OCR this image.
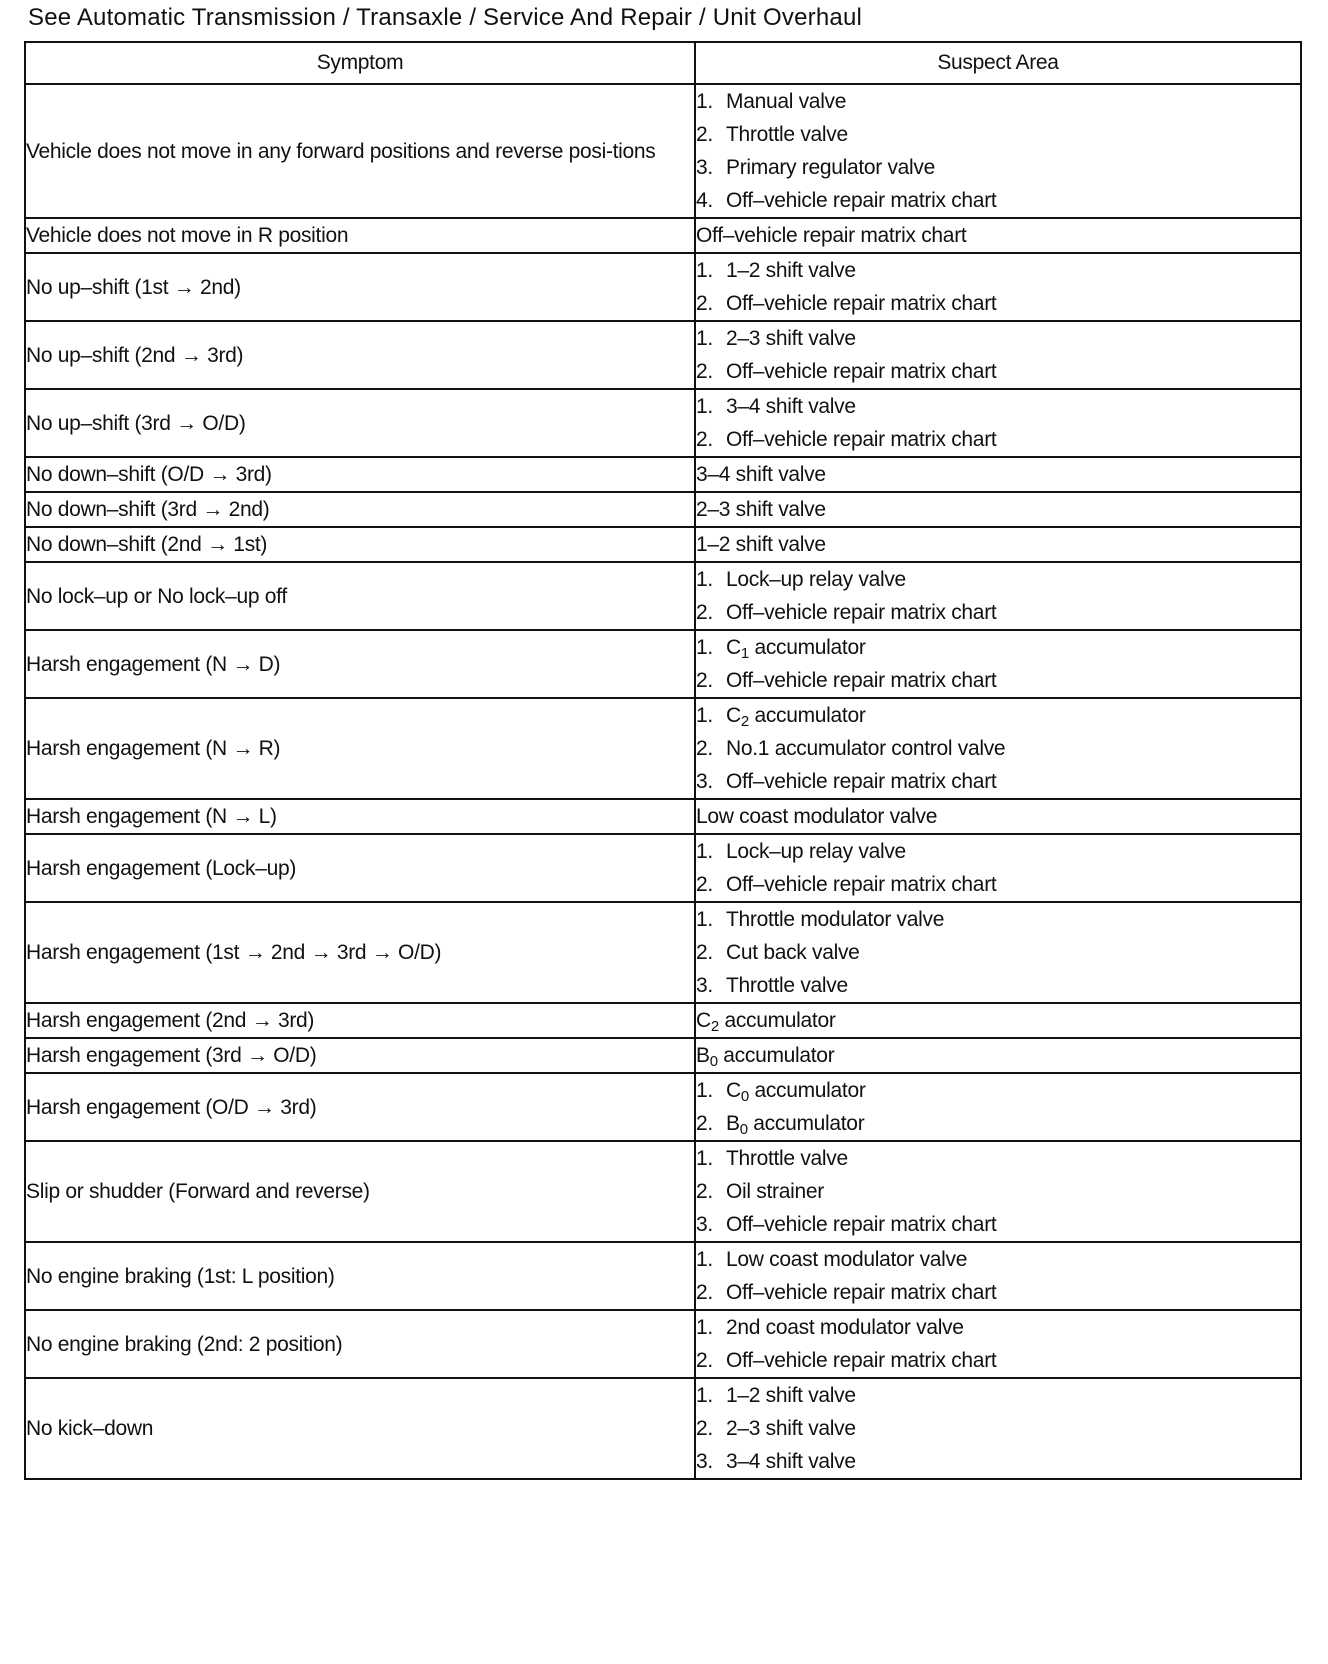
See Automatic Transmission / Transaxle / Service And Repair / Unit Overhaul
Symptom	Suspect Area
Vehicle does not move in any forward positions and reverse posi-tions	1. Manual valve
2. Throttle valve
3. Primary regulator valve
4. Off–vehicle repair matrix chart

Vehicle does not move in R position	Off–vehicle repair matrix chart

No up–shift (1st → 2nd)	1. 1–2 shift valve
2. Off–vehicle repair matrix chart

No up–shift (2nd → 3rd)	1. 2–3 shift valve
2. Off–vehicle repair matrix chart

No up–shift (3rd → O/D)	1. 3–4 shift valve
2. Off–vehicle repair matrix chart

No down–shift (O/D → 3rd)	3–4 shift valve

No down–shift (3rd → 2nd)	2–3 shift valve

No down–shift (2nd → 1st)	1–2 shift valve

No lock–up or No lock–up off	1. Lock–up relay valve
2. Off–vehicle repair matrix chart

Harsh engagement (N → D)	1. $C_1$ accumulator
2. Off–vehicle repair matrix chart

Harsh engagement (N → R)	1. $C_2$ accumulator
2. No.1 accumulator control valve
3. Off–vehicle repair matrix chart

Harsh engagement (N → L)	Low coast modulator valve

Harsh engagement (Lock–up)	1. Lock–up relay valve
2. Off–vehicle repair matrix chart

Harsh engagement (1st → 2nd → 3rd → O/D)	1. Throttle modulator valve
2. Cut back valve
3. Throttle valve

Harsh engagement (2nd → 3rd)	$C_2$ accumulator

Harsh engagement (3rd → O/D)	$B_0$ accumulator

Harsh engagement (O/D → 3rd)	1. $C_0$ accumulator
2. $B_0$ accumulator

Slip or shudder (Forward and reverse)	1. Throttle valve
2. Oil strainer
3. Off–vehicle repair matrix chart

No engine braking (1st: L position)	1. Low coast modulator valve
2. Off–vehicle repair matrix chart

No engine braking (2nd: 2 position)	1. 2nd coast modulator valve
2. Off–vehicle repair matrix chart

No kick–down	1. 1–2 shift valve
2. 2–3 shift valve
3. 3–4 shift valve
